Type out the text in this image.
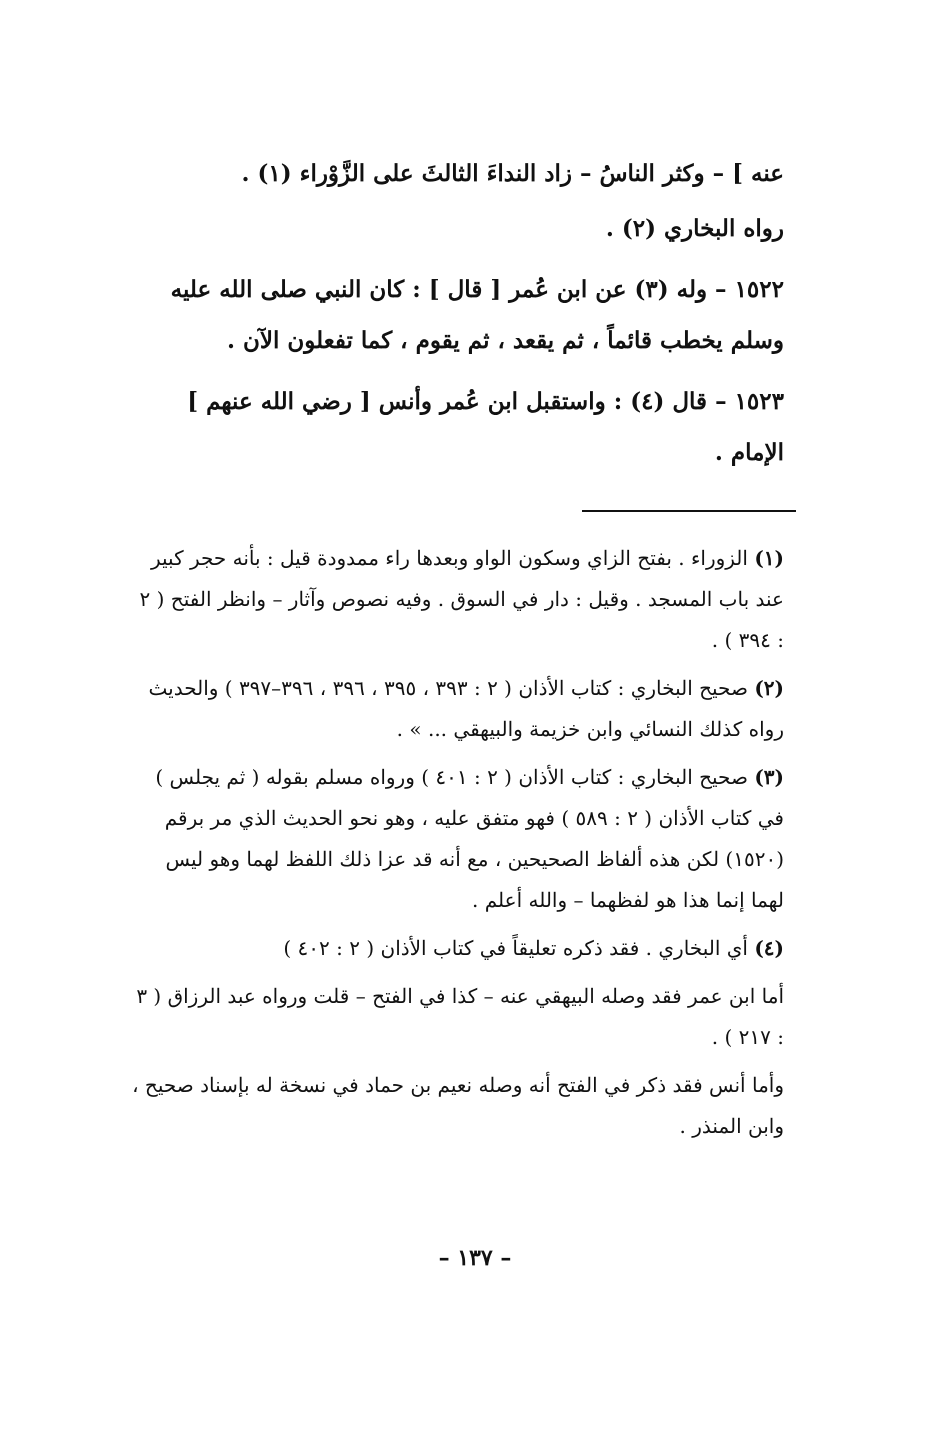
عنه ] – وكثر الناسُ – زاد النداءَ الثالثَ على الزَّوْراء (١) .

رواه البخاري (٢) .

١٥٢٢ – وله (٣) عن ابن عُمر [ قال ] : كان النبي صلى الله عليه وسلم يخطب قائماً ، ثم يقعد ، ثم يقوم ، كما تفعلون الآن .

١٥٢٣ – قال (٤) : واستقبل ابن عُمر وأنس [ رضي الله عنهم ] الإمام .

(١) الزوراء . بفتح الزاي وسكون الواو وبعدها راء ممدودة قيل : بأنه حجر كبير عند باب المسجد . وقيل : دار في السوق . وفيه نصوص وآثار – وانظر الفتح ( ٢ : ٣٩٤ ) .

(٢) صحيح البخاري : كتاب الأذان ( ٢ : ٣٩٣ ، ٣٩٥ ، ٣٩٦ ، ٣٩٦–٣٩٧ ) والحديث رواه كذلك النسائي وابن خزيمة والبيهقي ... » .

(٣) صحيح البخاري : كتاب الأذان ( ٢ : ٤٠١ ) ورواه مسلم بقوله ( ثم يجلس ) في كتاب الأذان ( ٢ : ٥٨٩ ) فهو متفق عليه ، وهو نحو الحديث الذي مر برقم (١٥٢٠) لكن هذه ألفاظ الصحيحين ، مع أنه قد عزا ذلك اللفظ لهما وهو ليس لهما إنما هذا هو لفظهما – والله أعلم .

(٤) أي البخاري . فقد ذكره تعليقاً في كتاب الأذان ( ٢ : ٤٠٢ )

أما ابن عمر فقد وصله البيهقي عنه – كذا في الفتح – قلت ورواه عبد الرزاق ( ٣ : ٢١٧ ) .

وأما أنس فقد ذكر في الفتح أنه وصله نعيم بن حماد في نسخة له بإسناد صحيح ، وابن المنذر .

– ١٣٧ –
